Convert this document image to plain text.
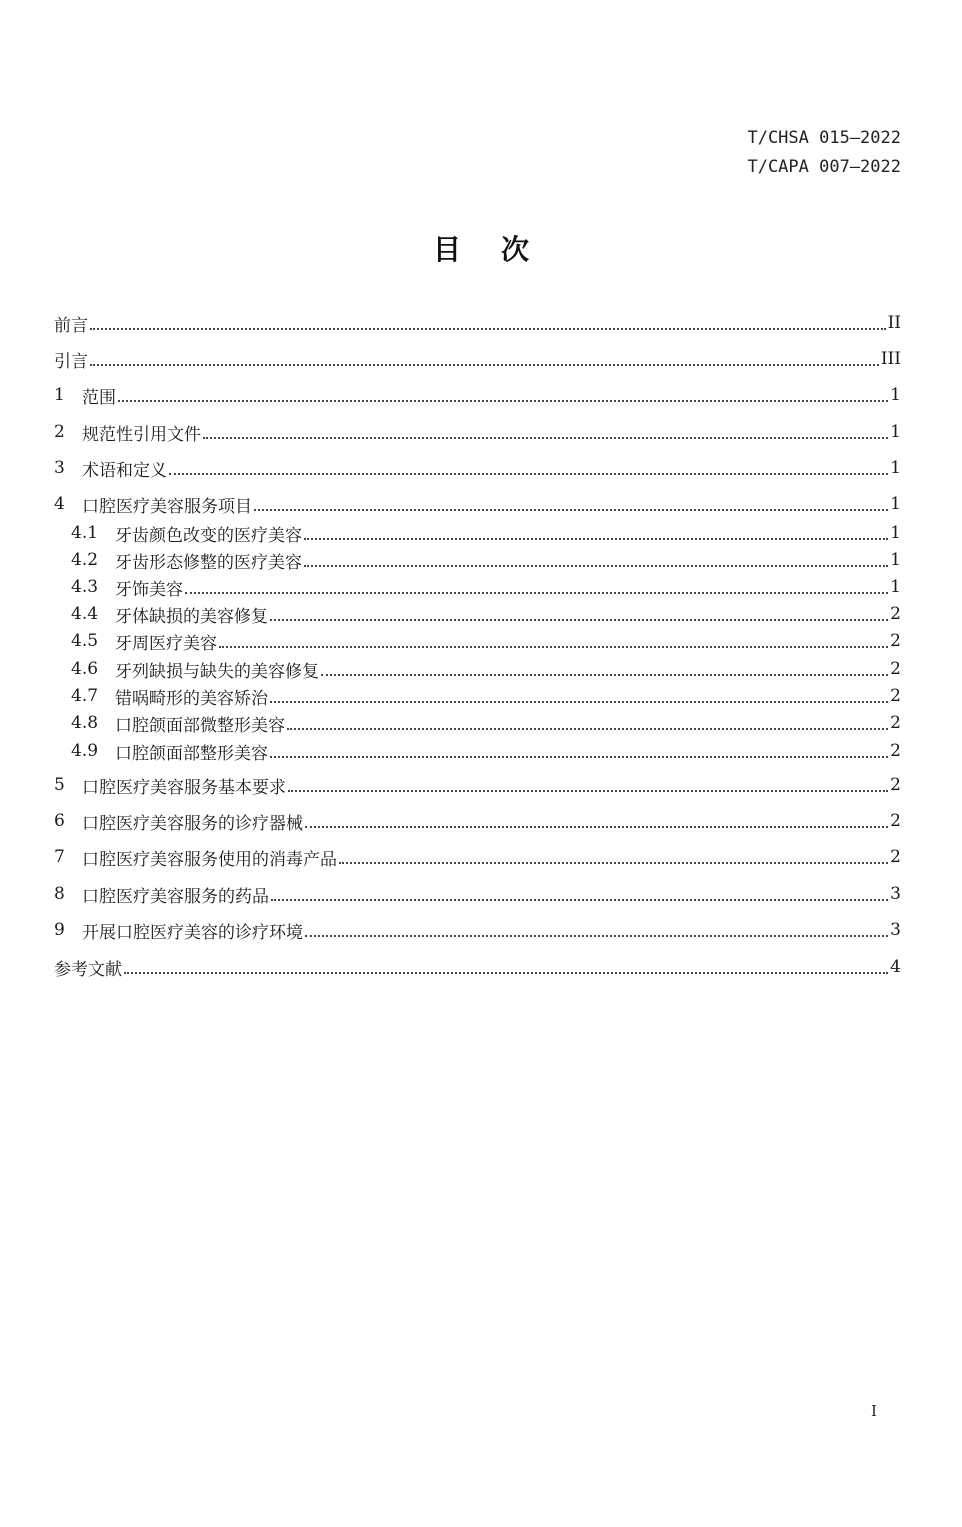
T/CHSA 015—2022
T/CAPA 007—2022
目次
前言	II
引言	III
1	范围	1
2	规范性引用文件	1
3	术语和定义	1
4	口腔医疗美容服务项目	1
4.1 牙齿颜色改变的医疗美容	1
4.2 牙齿形态修整的医疗美容	1
4.3 牙饰美容	1
4.4 牙体缺损的美容修复	2
4.5 牙周医疗美容	2
4.6 牙列缺损与缺失的美容修复	2
4.7 错㖞畸形的美容矫治	2
4.8 口腔颌面部微整形美容	2
4.9 口腔颌面部整形美容	2
5	口腔医疗美容服务基本要求	2
6	口腔医疗美容服务的诊疗器械	2
7	口腔医疗美容服务使用的消毒产品	2
8	口腔医疗美容服务的药品	3
9	开展口腔医疗美容的诊疗环境	3
参考文献	4
I
